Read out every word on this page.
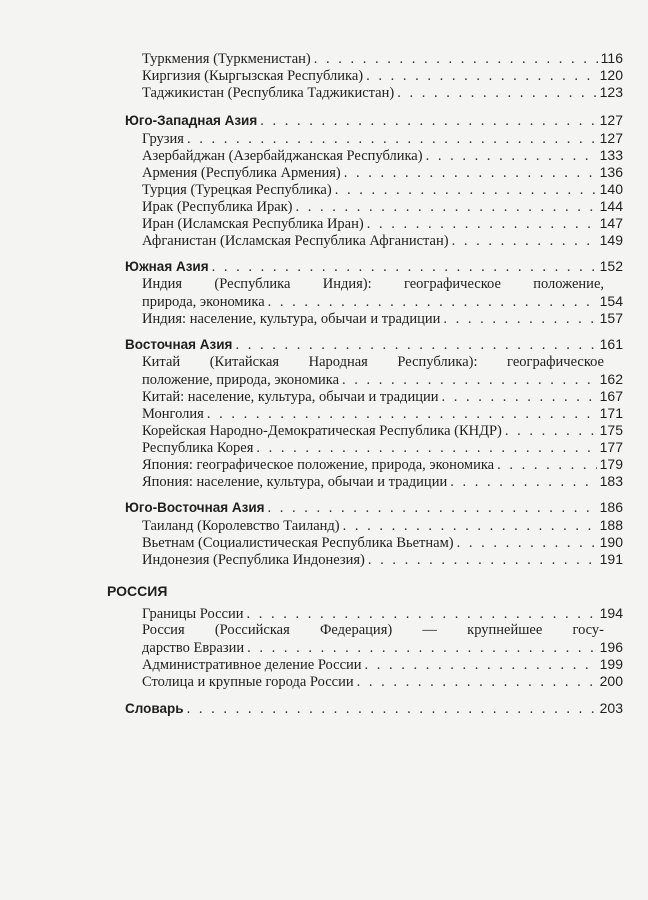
Туркмения (Туркменистан) . . .	116
Киргизия (Кыргызская Республика) . . .	120
Таджикистан (Республика Таджикистан) . . .	123
Юго-Западная Азия . . .	127
Грузия . . .	127
Азербайджан (Азербайджанская Республика) . . .	133
Армения (Республика Армения) . . .	136
Турция (Турецкая Республика) . . .	140
Ирак (Республика Ирак) . . .	144
Иран (Исламская Республика Иран) . . .	147
Афганистан (Исламская Республика Афганистан) . . .	149
Южная Азия . . .	152
Индия (Республика Индия): географическое положение,
природа, экономика . . .	154
Индия: население, культура, обычаи и традиции . . .	157
Восточная Азия . . .	161
Китай (Китайская Народная Республика): географическое
положение, природа, экономика . . .	162
Китай: население, культура, обычаи и традиции . . .	167
Монголия . . .	171
Корейская Народно-Демократическая Республика (КНДР) . . .	175
Республика Корея . . .	177
Япония: географическое положение, природа, экономика . . .	179
Япония: население, культура, обычаи и традиции . . .	183
Юго-Восточная Азия . . .	186
Таиланд (Королевство Таиланд) . . .	188
Вьетнам (Социалистическая Республика Вьетнам) . . .	190
Индонезия (Республика Индонезия) . . .	191
РОССИЯ
Границы России . . .	194
Россия (Российская Федерация) — крупнейшее госу-
дарство Евразии . . .	196
Административное деление России . . .	199
Столица и крупные города России . . .	200
Словарь . . .	203
